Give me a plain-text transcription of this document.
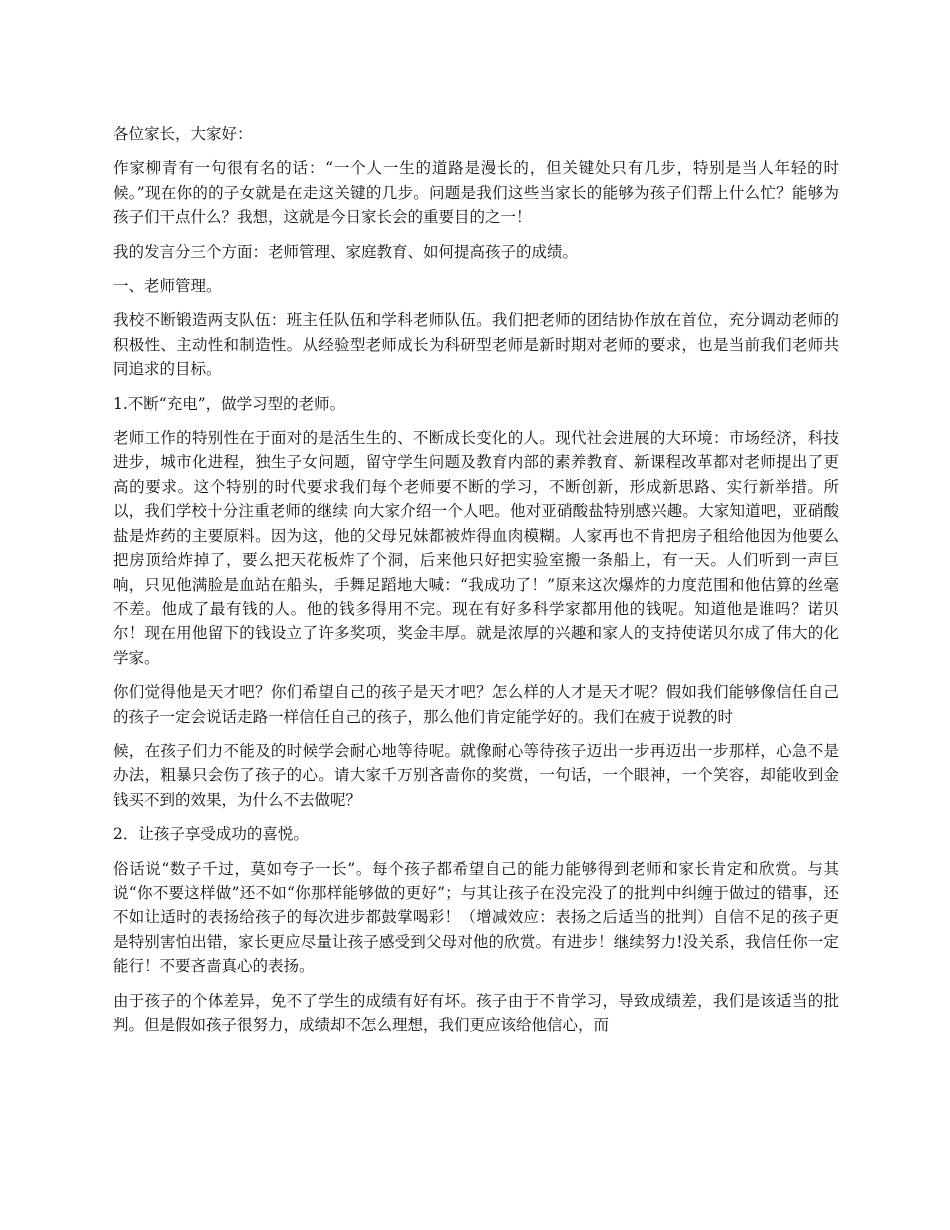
各位家长，大家好：

作家柳青有一句很有名的话：“一个人一生的道路是漫长的，但关键处只有几步，特别是当人年轻的时候。”现在你的的子女就是在走这关键的几步。问题是我们这些当家长的能够为孩子们帮上什么忙？能够为孩子们干点什么？我想，这就是今日家长会的重要目的之一！

我的发言分三个方面：老师管理、家庭教育、如何提高孩子的成绩。

一、老师管理。

我校不断锻造两支队伍：班主任队伍和学科老师队伍。我们把老师的团结协作放在首位，充分调动老师的积极性、主动性和制造性。从经验型老师成长为科研型老师是新时期对老师的要求，也是当前我们老师共同追求的目标。

1.不断“充电”，做学习型的老师。

老师工作的特别性在于面对的是活生生的、不断成长变化的人。现代社会进展的大环境：市场经济，科技进步，城市化进程，独生子女问题，留守学生问题及教育内部的素养教育、新课程改革都对老师提出了更高的要求。这个特别的时代要求我们每个老师要不断的学习，不断创新，形成新思路、实行新举措。所以，我们学校十分注重老师的继续 向大家介绍一个人吧。他对亚硝酸盐特别感兴趣。大家知道吧，亚硝酸盐是炸药的主要原料。因为这，他的父母兄妹都被炸得血肉模糊。人家再也不肯把房子租给他因为他要么把房顶给炸掉了，要么把天花板炸了个洞，后来他只好把实验室搬一条船上，有一天。人们听到一声巨响，只见他满脸是血站在船头，手舞足蹈地大喊：“我成功了！”原来这次爆炸的力度范围和他估算的丝毫不差。他成了最有钱的人。他的钱多得用不完。现在有好多科学家都用他的钱呢。知道他是谁吗？诺贝尔！现在用他留下的钱设立了许多奖项，奖金丰厚。就是浓厚的兴趣和家人的支持使诺贝尔成了伟大的化学家。

你们觉得他是天才吧？你们希望自己的孩子是天才吧？怎么样的人才是天才呢？假如我们能够像信任自己的孩子一定会说话走路一样信任自己的孩子，那么他们肯定能学好的。我们在疲于说教的时

候，在孩子们力不能及的时候学会耐心地等待呢。就像耐心等待孩子迈出一步再迈出一步那样，心急不是办法，粗暴只会伤了孩子的心。请大家千万别吝啬你的奖赏，一句话，一个眼神，一个笑容，却能收到金钱买不到的效果，为什么不去做呢？

2．让孩子享受成功的喜悦。

俗话说“数子千过，莫如夸子一长”。每个孩子都希望自己的能力能够得到老师和家长肯定和欣赏。与其说“你不要这样做”还不如“你那样能够做的更好”；与其让孩子在没完没了的批判中纠缠于做过的错事，还不如让适时的表扬给孩子的每次进步都鼓掌喝彩！（增减效应：表扬之后适当的批判）自信不足的孩子更是特别害怕出错，家长更应尽量让孩子感受到父母对他的欣赏。有进步！继续努力!没关系，我信任你一定能行！不要吝啬真心的表扬。

由于孩子的个体差异，免不了学生的成绩有好有坏。孩子由于不肯学习，导致成绩差，我们是该适当的批判。但是假如孩子很努力，成绩却不怎么理想，我们更应该给他信心，而
